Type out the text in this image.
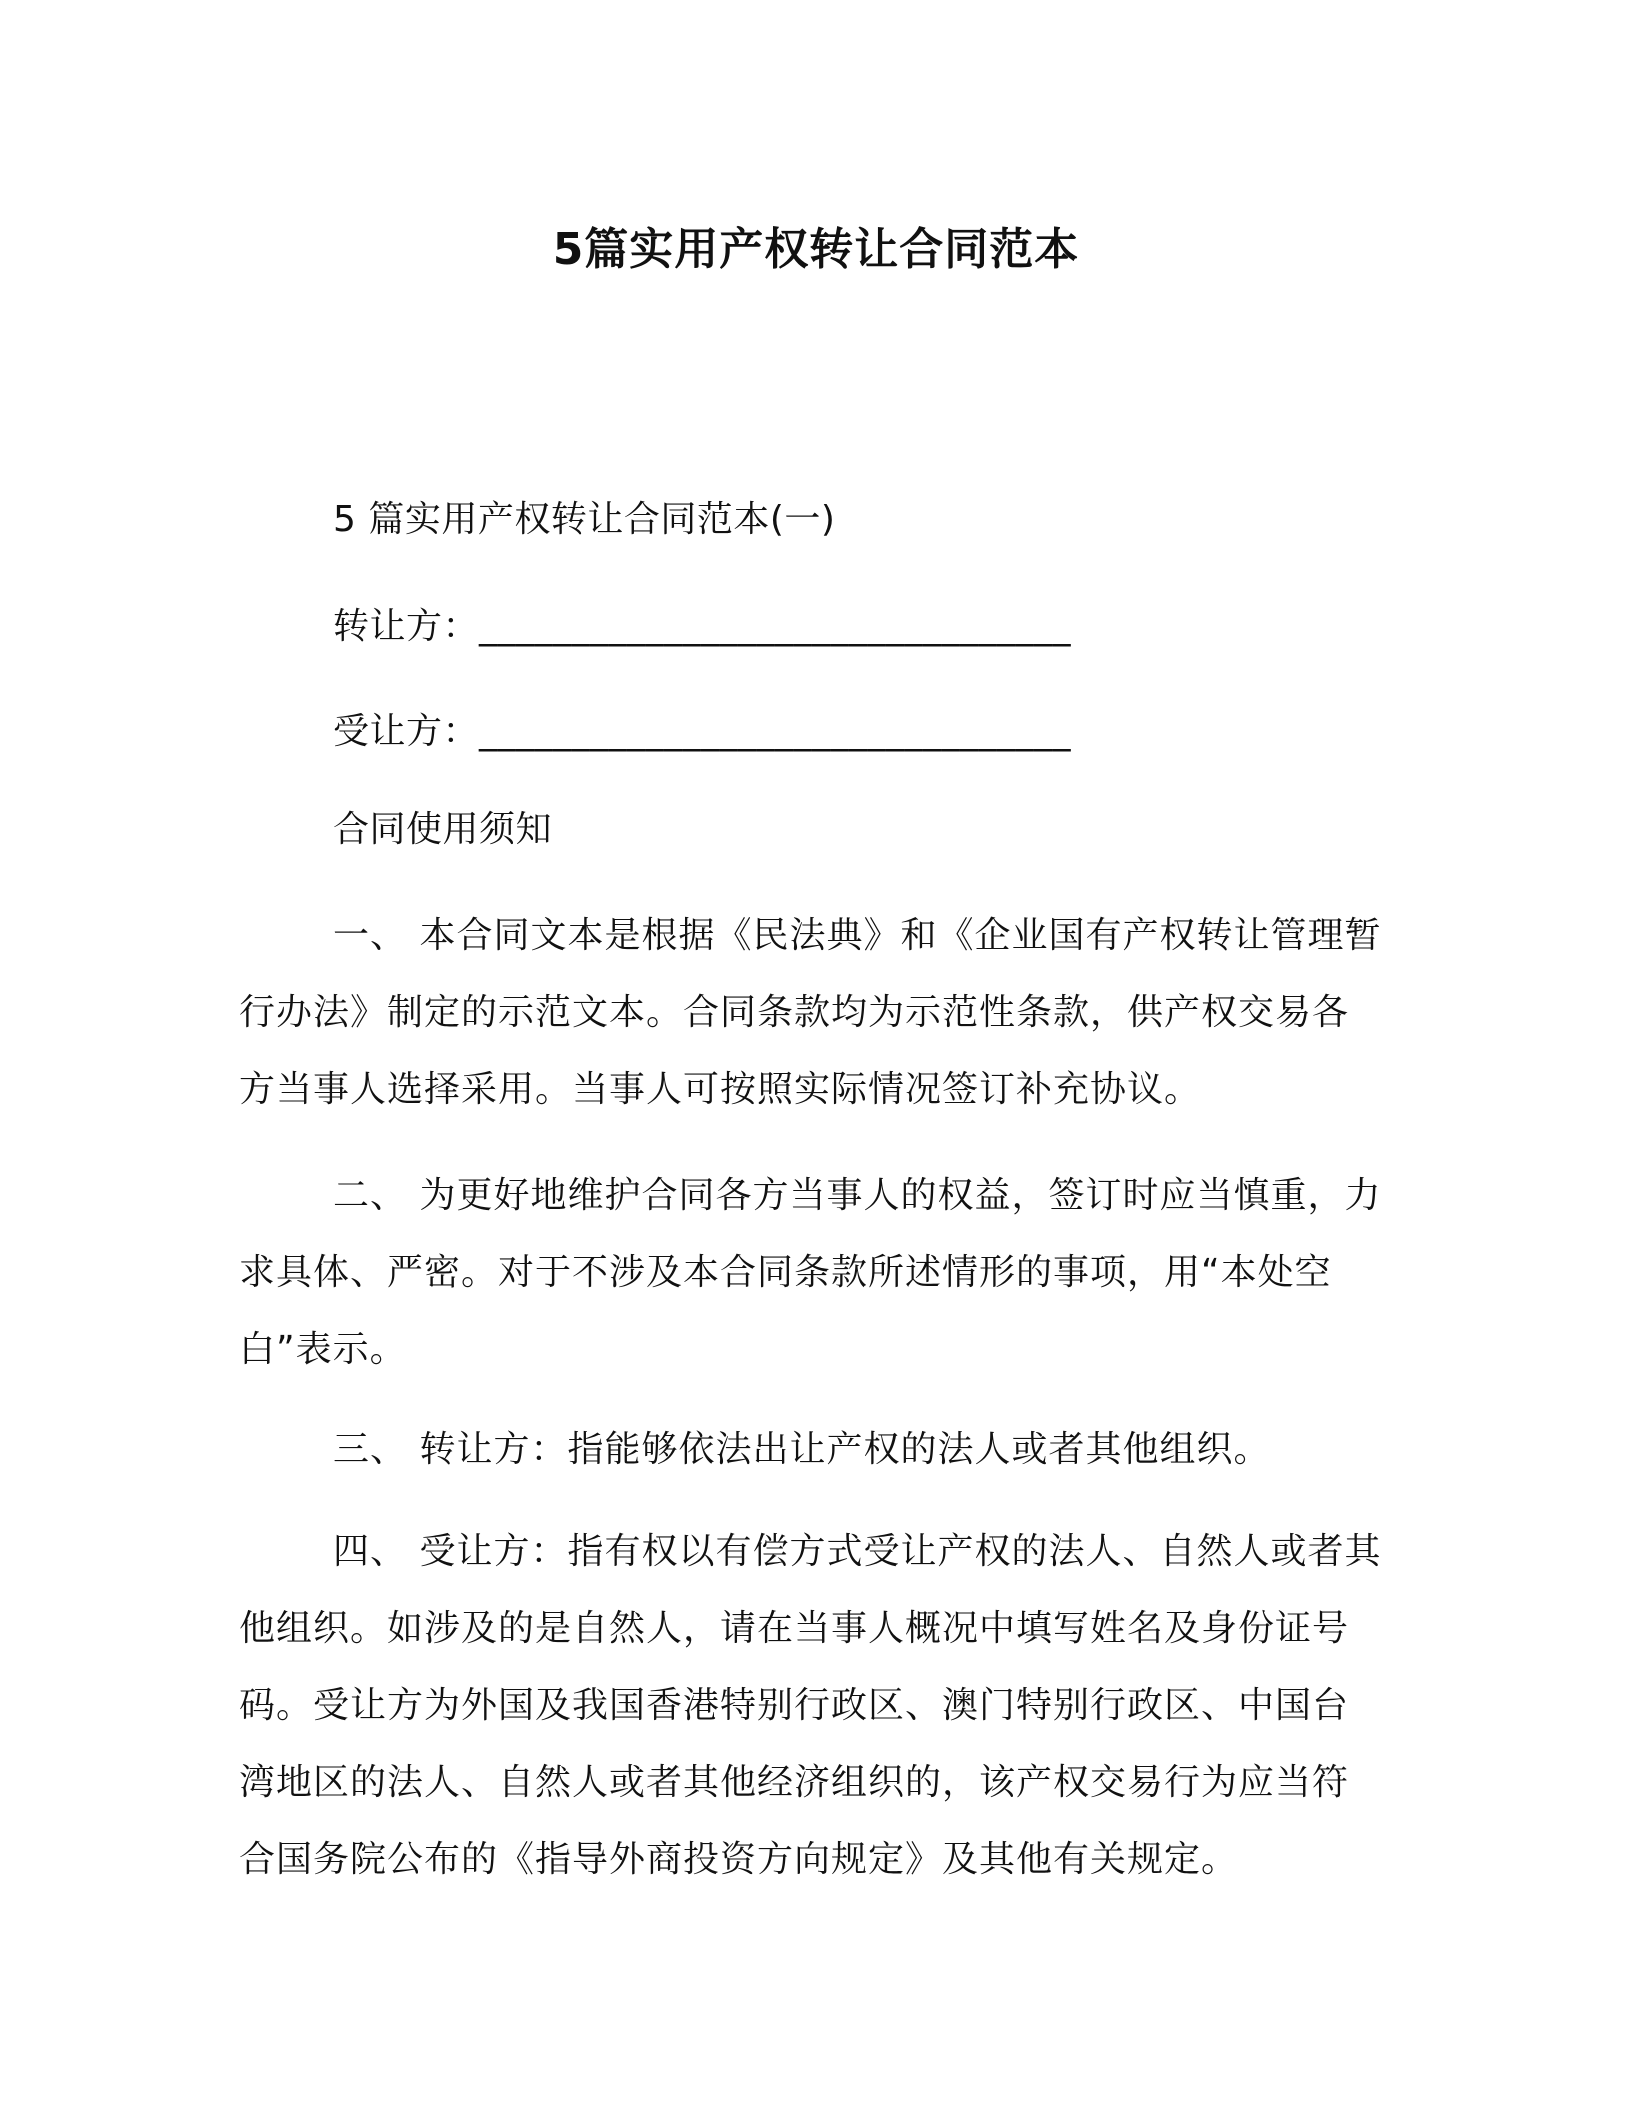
5篇实用产权转让合同范本
5 篇实用产权转让合同范本(一)
转让方：________________________________
受让方：________________________________
合同使用须知
一、 本合同文本是根据《民法典》和《企业国有产权转让管理暂
行办法》制定的示范文本。合同条款均为示范性条款，供产权交易各
方当事人选择采用。当事人可按照实际情况签订补充协议。
二、 为更好地维护合同各方当事人的权益，签订时应当慎重，力
求具体、严密。对于不涉及本合同条款所述情形的事项，用“本处空
白”表示。
三、 转让方：指能够依法出让产权的法人或者其他组织。
四、 受让方：指有权以有偿方式受让产权的法人、自然人或者其
他组织。如涉及的是自然人，请在当事人概况中填写姓名及身份证号
码。受让方为外国及我国香港特别行政区、澳门特别行政区、中国台
湾地区的法人、自然人或者其他经济组织的，该产权交易行为应当符
合国务院公布的《指导外商投资方向规定》及其他有关规定。
